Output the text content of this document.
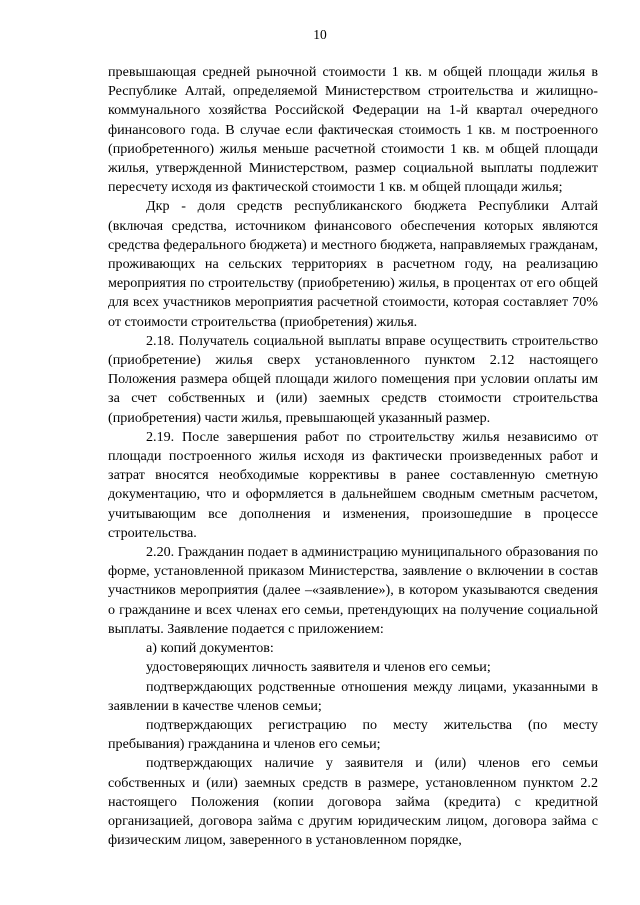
10

превышающая средней рыночной стоимости 1 кв. м общей площади жилья в Республике Алтай, определяемой Министерством строительства и жилищно-коммунального хозяйства Российской Федерации на 1-й квартал очередного финансового года. В случае если фактическая стоимость 1 кв. м построенного (приобретенного) жилья меньше расчетной стоимости 1 кв. м общей площади жилья, утвержденной Министерством, размер социальной выплаты подлежит пересчету исходя из фактической стоимости 1 кв. м общей площади жилья;

Дкр - доля средств республиканского бюджета Республики Алтай (включая средства, источником финансового обеспечения которых являются средства федерального бюджета) и местного бюджета, направляемых гражданам, проживающих на сельских территориях в расчетном году, на реализацию мероприятия по строительству (приобретению) жилья, в процентах от его общей для всех участников мероприятия расчетной стоимости, которая составляет 70% от стоимости строительства (приобретения) жилья.

2.18. Получатель социальной выплаты вправе осуществить строительство (приобретение) жилья сверх установленного пунктом 2.12 настоящего Положения размера общей площади жилого помещения при условии оплаты им за счет собственных и (или) заемных средств стоимости строительства (приобретения) части жилья, превышающей указанный размер.

2.19. После завершения работ по строительству жилья независимо от площади построенного жилья исходя из фактически произведенных работ и затрат вносятся необходимые коррективы в ранее составленную сметную документацию, что и оформляется в дальнейшем сводным сметным расчетом, учитывающим все дополнения и изменения, произошедшие в процессе строительства.

2.20. Гражданин подает в администрацию муниципального образования по форме, установленной приказом Министерства, заявление о включении в состав участников мероприятия (далее –«заявление»), в котором указываются сведения о гражданине и всех членах его семьи, претендующих на получение социальной выплаты. Заявление подается с приложением:

а) копий документов:

удостоверяющих личность заявителя и членов его семьи;

подтверждающих родственные отношения между лицами, указанными в заявлении в качестве членов семьи;

подтверждающих регистрацию по месту жительства (по месту пребывания) гражданина и членов его семьи;

подтверждающих наличие у заявителя и (или) членов его семьи собственных и (или) заемных средств в размере, установленном пунктом 2.2 настоящего Положения (копии договора займа (кредита) с кредитной организацией, договора займа с другим юридическим лицом, договора займа с физическим лицом, заверенного в установленном порядке,
